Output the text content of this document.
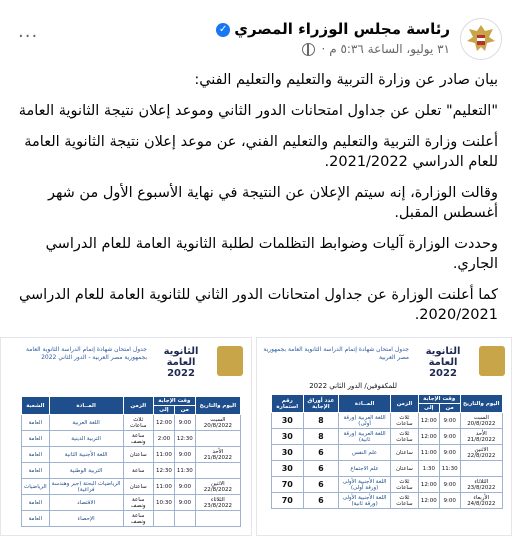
رئاسة مجلس الوزراء المصري✓
٣١ يوليو، الساعة ٥:٣٦ م ·
···

بيان صادر عن وزارة التربية والتعليم والتعليم الفني:

"التعليم" تعلن عن جداول امتحانات الدور الثاني وموعد إعلان نتيجة الثانوية العامة

أعلنت وزارة التربية والتعليم والتعليم الفني، عن موعد إعلان نتيجة الثانوية العامة للعام الدراسي 2021/2022.

وقالت الوزارة، إنه سيتم الإعلان عن النتيجة في نهاية الأسبوع الأول من شهر أغسطس المقبل.

وحددت الوزارة آليات وضوابط التظلمات لطلبة الثانوية العامة للعام الدراسي الجاري.

كما أعلنت الوزارة عن جداول امتحانات الدور الثاني للثانوية العامة للعام الدراسي 2020/2021.

الثانوية العامة 2022
جدول امتحان شهادة إتمام الدراسة الثانوية العامة بجمهورية مصر العربية - الدور الثاني 2022
اليوم والتاريخ	وقت الإجابة		الزمن	المــادة	الشعبة
	من	إلى			
السبت 20/8/2022	9:00	12:00	ثلاث ساعات	اللغة العربية	العامة
	12:30	2:00	ساعة ونصف	التربية الدينية	العامة
الأحد 21/8/2022	9:00	11:00	ساعتان	اللغة الأجنبية الثانية	العامة
	11:30	12:30	ساعة	التربية الوطنية	العامة
الاثنين 22/8/2022	9:00	11:00	ساعتان	الرياضيات البحتة (جبر وهندسة فراغية)	الرياضيات
الثلاثاء 23/8/2022	9:00	10:30	ساعة ونصف	الاقتصاد	العامة
			ساعة ونصف	الإحصاء	العامة
الثانوية العامة 2022
جدول امتحان شهادة إتمام الدراسة الثانوية العامة بجمهورية مصر العربية
للمكفوفين/ الدور الثاني 2022
اليوم والتاريخ	وقت الإجابة		الزمن	المــادة	عدد أوراق الإجابة	رقم استمارة
	من	إلى				
السبت 20/8/2022	9:00	12:00	ثلاث ساعات	اللغة العربية (ورقة أولى)	8	30
الأحد 21/8/2022	9:00	12:00	ثلاث ساعات	اللغة العربية (ورقة ثانية)	8	30
الاثنين 22/8/2022	9:00	11:00	ساعتان	علم النفس	6	30
	11:30	1:30	ساعتان	علم الاجتماع	6	30
الثلاثاء 23/8/2022	9:00	12:00	ثلاث ساعات	اللغة الأجنبية الأولى (ورقة أولى)	6	70
الأربعاء 24/8/2022	9:00	12:00	ثلاث ساعات	اللغة الأجنبية الأولى (ورقة ثانية)	6	70
